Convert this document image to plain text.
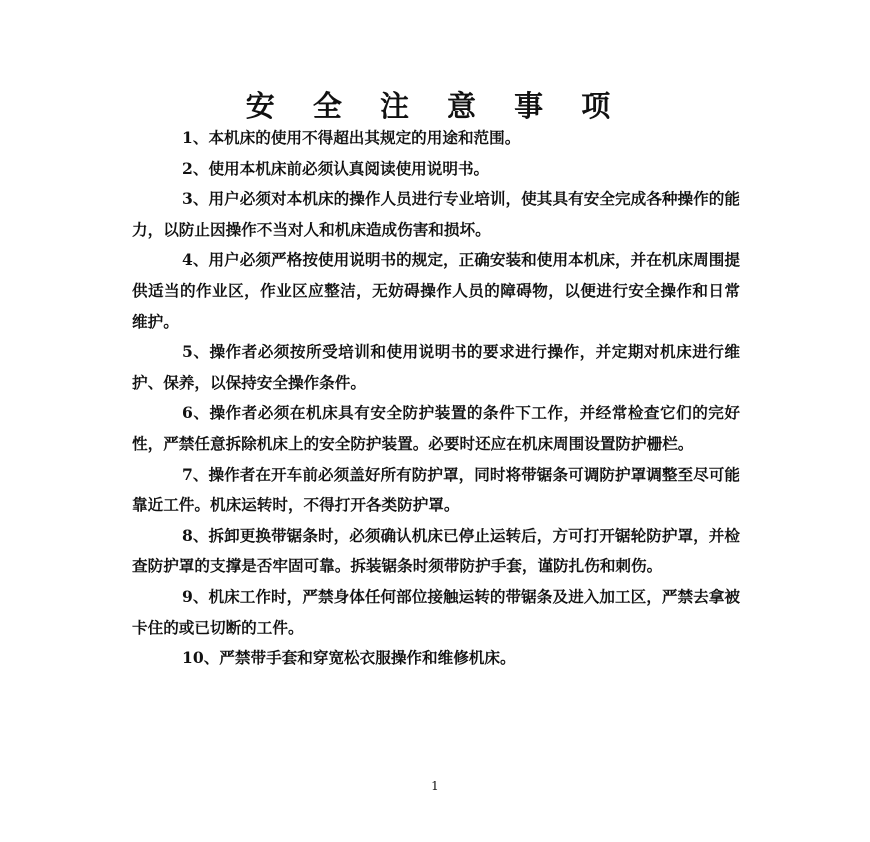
安 全 注 意 事 项

1、本机床的使用不得超出其规定的用途和范围。

2、使用本机床前必须认真阅读使用说明书。

3、用户必须对本机床的操作人员进行专业培训，使其具有安全完成各种操作的能力，以防止因操作不当对人和机床造成伤害和损坏。

4、用户必须严格按使用说明书的规定，正确安装和使用本机床，并在机床周围提供适当的作业区，作业区应整洁，无妨碍操作人员的障碍物，以便进行安全操作和日常维护。

5、操作者必须按所受培训和使用说明书的要求进行操作，并定期对机床进行维护、保养，以保持安全操作条件。

6、操作者必须在机床具有安全防护装置的条件下工作，并经常检查它们的完好性，严禁任意拆除机床上的安全防护装置。必要时还应在机床周围设置防护栅栏。

7、操作者在开车前必须盖好所有防护罩，同时将带锯条可调防护罩调整至尽可能靠近工件。机床运转时，不得打开各类防护罩。

8、拆卸更换带锯条时，必须确认机床已停止运转后，方可打开锯轮防护罩，并检查防护罩的支撑是否牢固可靠。拆装锯条时须带防护手套，谨防扎伤和刺伤。

9、机床工作时，严禁身体任何部位接触运转的带锯条及进入加工区，严禁去拿被卡住的或已切断的工件。

10、严禁带手套和穿宽松衣服操作和维修机床。

1
